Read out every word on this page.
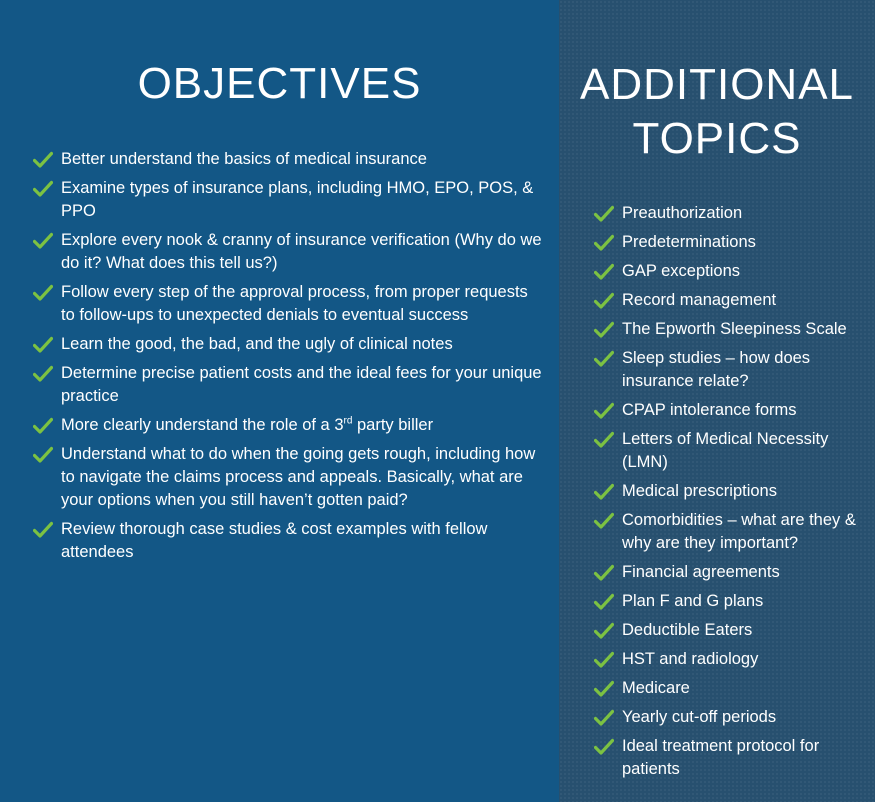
OBJECTIVES
Better understand the basics of medical insurance
Examine types of insurance plans, including HMO, EPO, POS, & PPO
Explore every nook & cranny of insurance verification (Why do we do it? What does this tell us?)
Follow every step of the approval process, from proper requests to follow-ups to unexpected denials to eventual success
Learn the good, the bad, and the ugly of clinical notes
Determine precise patient costs and the ideal fees for your unique practice
More clearly understand the role of a 3rd party biller
Understand what to do when the going gets rough, including how to navigate the claims process and appeals. Basically, what are your options when you still haven’t gotten paid?
Review thorough case studies & cost examples with fellow attendees
ADDITIONAL
TOPICS
Preauthorization
Predeterminations
GAP exceptions
Record management
The Epworth Sleepiness Scale
Sleep studies – how does insurance relate?
CPAP intolerance forms
Letters of Medical Necessity (LMN)
Medical prescriptions
Comorbidities – what are they & why are they important?
Financial agreements
Plan F and G plans
Deductible Eaters
HST and radiology
Medicare
Yearly cut-off periods
Ideal treatment protocol for patients
